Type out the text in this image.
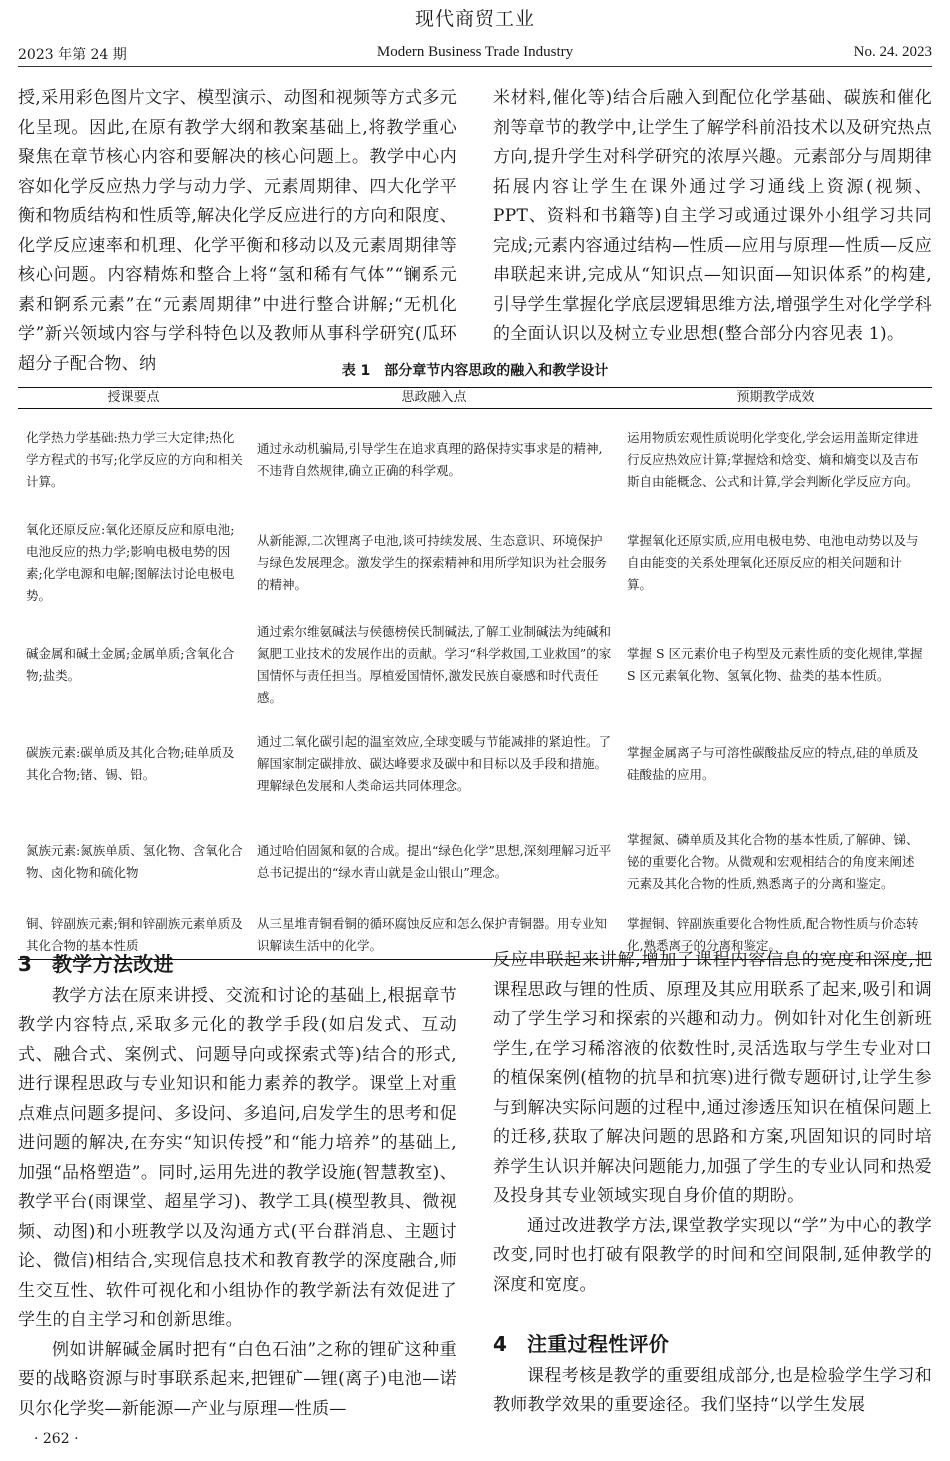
现代商贸工业
2023 年第 24 期	Modern Business Trade Industry	No. 24. 2023

授,采用彩色图片文字、模型演示、动图和视频等方式多元化呈现。因此,在原有教学大纲和教案基础上,将教学重心聚焦在章节核心内容和要解决的核心问题上。教学中心内容如化学反应热力学与动力学、元素周期律、四大化学平衡和物质结构和性质等,解决化学反应进行的方向和限度、化学反应速率和机理、化学平衡和移动以及元素周期律等核心问题。内容精炼和整合上将“氢和稀有气体”“镧系元素和锕系元素”在“元素周期律”中进行整合讲解;“无机化学”新兴领域内容与学科特色以及教师从事科学研究(瓜环超分子配合物、纳

米材料,催化等)结合后融入到配位化学基础、碳族和催化剂等章节的教学中,让学生了解学科前沿技术以及研究热点方向,提升学生对科学研究的浓厚兴趣。元素部分与周期律拓展内容让学生在课外通过学习通线上资源(视频、PPT、资料和书籍等)自主学习或通过课外小组学习共同完成;元素内容通过结构—性质—应用与原理—性质—反应串联起来讲,完成从“知识点—知识面—知识体系”的构建,引导学生掌握化学底层逻辑思维方法,增强学生对化学学科的全面认识以及树立专业思想(整合部分内容见表 1)。

表 1　部分章节内容思政的融入和教学设计
授课要点	思政融入点	预期教学成效
化学热力学基础:热力学三大定律;热化学方程式的书写;化学反应的方向和相关计算。	通过永动机骗局,引导学生在追求真理的路保持实事求是的精神,不违背自然规律,确立正确的科学观。	运用物质宏观性质说明化学变化,学会运用盖斯定律进行反应热效应计算;掌握焓和焓变、熵和熵变以及吉布斯自由能概念、公式和计算,学会判断化学反应方向。
氧化还原反应:氧化还原反应和原电池;电池反应的热力学;影响电极电势的因素;化学电源和电解;图解法讨论电极电势。	从新能源,二次锂离子电池,谈可持续发展、生态意识、环境保护与绿色发展理念。激发学生的探索精神和用所学知识为社会服务的精神。	掌握氧化还原实质,应用电极电势、电池电动势以及与自由能变的关系处理氧化还原反应的相关问题和计算。
碱金属和碱土金属;金属单质;含氧化合物;盐类。	通过索尔维氨碱法与侯德榜侯氏制碱法,了解工业制碱法为纯碱和氮肥工业技术的发展作出的贡献。学习“科学救国,工业救国”的家国情怀与责任担当。厚植爱国情怀,激发民族自豪感和时代责任感。	掌握 S 区元素价电子构型及元素性质的变化规律,掌握 S 区元素氧化物、氢氧化物、盐类的基本性质。
碳族元素:碳单质及其化合物;硅单质及其化合物;锗、锡、铅。	通过二氧化碳引起的温室效应,全球变暖与节能减排的紧迫性。了解国家制定碳排放、碳达峰要求及碳中和目标以及手段和措施。理解绿色发展和人类命运共同体理念。	掌握金属离子与可溶性碳酸盐反应的特点,硅的单质及硅酸盐的应用。
氮族元素:氮族单质、氢化物、含氧化合物、卤化物和硫化物	通过哈伯固氮和氨的合成。提出“绿色化学”思想,深刻理解习近平总书记提出的“绿水青山就是金山银山”理念。	掌握氮、磷单质及其化合物的基本性质,了解砷、锑、铋的重要化合物。从微观和宏观相结合的角度来阐述元素及其化合物的性质,熟悉离子的分离和鉴定。
铜、锌副族元素;铜和锌副族元素单质及其化合物的基本性质	从三星堆青铜看铜的循环腐蚀反应和怎么保护青铜器。用专业知识解读生活中的化学。	掌握铜、锌副族重要化合物性质,配合物性质与价态转化,熟悉离子的分离和鉴定。
3 教学方法改进

教学方法在原来讲授、交流和讨论的基础上,根据章节教学内容特点,采取多元化的教学手段(如启发式、互动式、融合式、案例式、问题导向或探索式等)结合的形式,进行课程思政与专业知识和能力素养的教学。课堂上对重点难点问题多提问、多设问、多追问,启发学生的思考和促进问题的解决,在夯实“知识传授”和“能力培养”的基础上,加强“品格塑造”。同时,运用先进的教学设施(智慧教室)、教学平台(雨课堂、超星学习)、教学工具(模型教具、微视频、动图)和小班教学以及沟通方式(平台群消息、主题讨论、微信)相结合,实现信息技术和教育教学的深度融合,师生交互性、软件可视化和小组协作的教学新法有效促进了学生的自主学习和创新思维。

例如讲解碱金属时把有“白色石油”之称的锂矿这种重要的战略资源与时事联系起来,把锂矿—锂(离子)电池—诺贝尔化学奖—新能源—产业与原理—性质—

反应串联起来讲解,增加了课程内容信息的宽度和深度,把课程思政与锂的性质、原理及其应用联系了起来,吸引和调动了学生学习和探索的兴趣和动力。例如针对化生创新班学生,在学习稀溶液的依数性时,灵活选取与学生专业对口的植保案例(植物的抗旱和抗寒)进行微专题研讨,让学生参与到解决实际问题的过程中,通过渗透压知识在植保问题上的迁移,获取了解决问题的思路和方案,巩固知识的同时培养学生认识并解决问题能力,加强了学生的专业认同和热爱及投身其专业领域实现自身价值的期盼。

通过改进教学方法,课堂教学实现以“学”为中心的教学改变,同时也打破有限教学的时间和空间限制,延伸教学的深度和宽度。

4 注重过程性评价

课程考核是教学的重要组成部分,也是检验学生学习和教师教学效果的重要途径。我们坚持“以学生发展

· 262 ·
